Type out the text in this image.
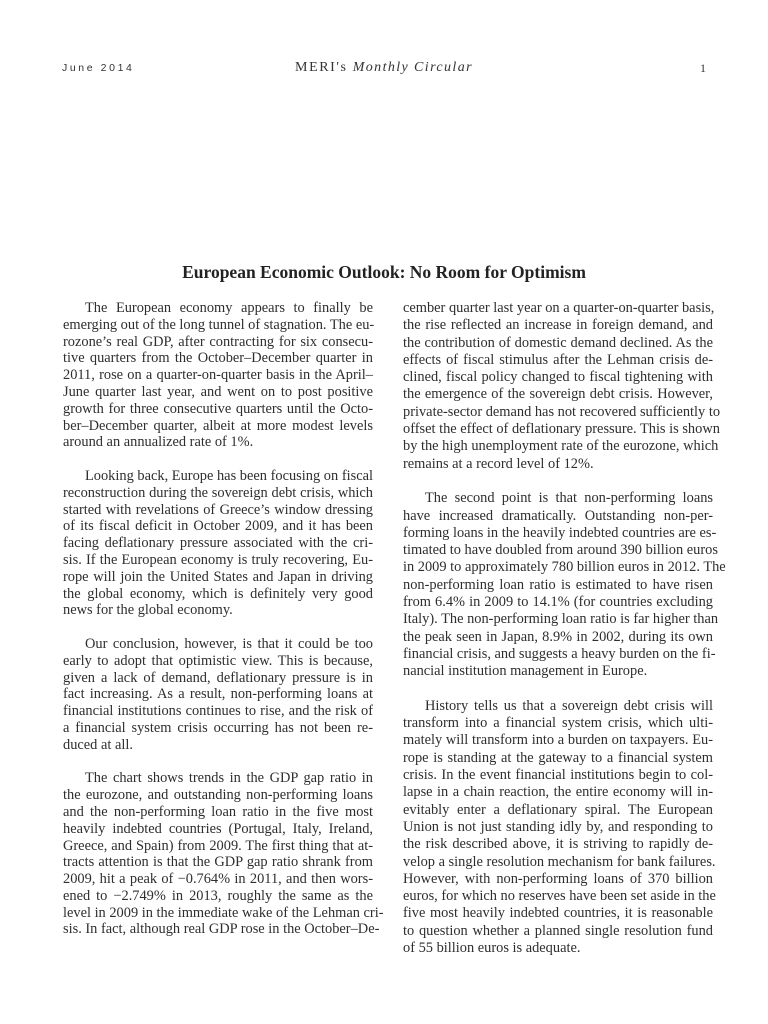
June 2014	MERI's Monthly Circular	1
European Economic Outlook: No Room for Optimism
The European economy appears to finally be
emerging out of the long tunnel of stagnation. The eu-
rozone’s real GDP, after contracting for six consecu-
tive quarters from the October–December quarter in
2011, rose on a quarter-on-quarter basis in the April–
June quarter last year, and went on to post positive
growth for three consecutive quarters until the Octo-
ber–December quarter, albeit at more modest levels
around an annualized rate of 1%.
Looking back, Europe has been focusing on fiscal
reconstruction during the sovereign debt crisis, which
started with revelations of Greece’s window dressing
of its fiscal deficit in October 2009, and it has been
facing deflationary pressure associated with the cri-
sis. If the European economy is truly recovering, Eu-
rope will join the United States and Japan in driving
the global economy, which is definitely very good
news for the global economy.
Our conclusion, however, is that it could be too
early to adopt that optimistic view. This is because,
given a lack of demand, deflationary pressure is in
fact increasing. As a result, non-performing loans at
financial institutions continues to rise, and the risk of
a financial system crisis occurring has not been re-
duced at all.
The chart shows trends in the GDP gap ratio in
the eurozone, and outstanding non-performing loans
and the non-performing loan ratio in the five most
heavily indebted countries (Portugal, Italy, Ireland,
Greece, and Spain) from 2009. The first thing that at-
tracts attention is that the GDP gap ratio shrank from
2009, hit a peak of −0.764% in 2011, and then wors-
ened to −2.749% in 2013, roughly the same as the
level in 2009 in the immediate wake of the Lehman cri-
sis. In fact, although real GDP rose in the October–De-
cember quarter last year on a quarter-on-quarter basis,
the rise reflected an increase in foreign demand, and
the contribution of domestic demand declined. As the
effects of fiscal stimulus after the Lehman crisis de-
clined, fiscal policy changed to fiscal tightening with
the emergence of the sovereign debt crisis. However,
private-sector demand has not recovered sufficiently to
offset the effect of deflationary pressure. This is shown
by the high unemployment rate of the eurozone, which
remains at a record level of 12%.
The second point is that non-performing loans
have increased dramatically. Outstanding non-per-
forming loans in the heavily indebted countries are es-
timated to have doubled from around 390 billion euros
in 2009 to approximately 780 billion euros in 2012. The
non-performing loan ratio is estimated to have risen
from 6.4% in 2009 to 14.1% (for countries excluding
Italy). The non-performing loan ratio is far higher than
the peak seen in Japan, 8.9% in 2002, during its own
financial crisis, and suggests a heavy burden on the fi-
nancial institution management in Europe.
History tells us that a sovereign debt crisis will
transform into a financial system crisis, which ulti-
mately will transform into a burden on taxpayers. Eu-
rope is standing at the gateway to a financial system
crisis. In the event financial institutions begin to col-
lapse in a chain reaction, the entire economy will in-
evitably enter a deflationary spiral. The European
Union is not just standing idly by, and responding to
the risk described above, it is striving to rapidly de-
velop a single resolution mechanism for bank failures.
However, with non-performing loans of 370 billion
euros, for which no reserves have been set aside in the
five most heavily indebted countries, it is reasonable
to question whether a planned single resolution fund
of 55 billion euros is adequate.
